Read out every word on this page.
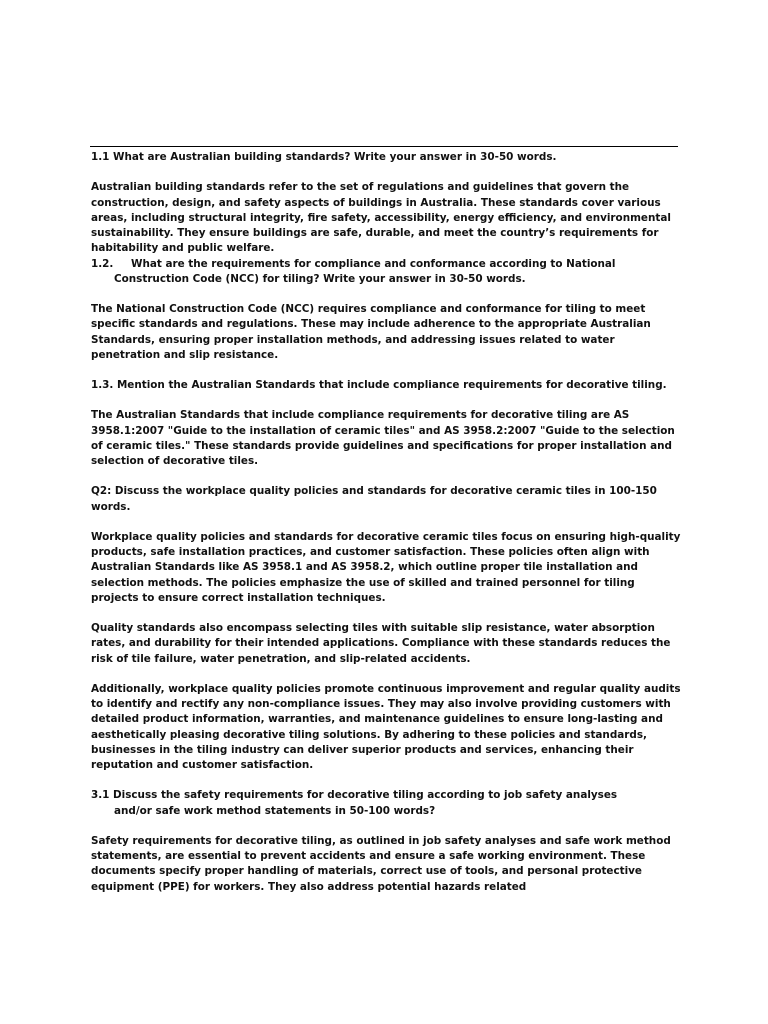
1.1 What are Australian building standards? Write your answer in 30-50 words.

Australian building standards refer to the set of regulations and guidelines that govern the construction, design, and safety aspects of buildings in Australia. These standards cover various areas, including structural integrity, fire safety, accessibility, energy efficiency, and environmental sustainability. They ensure buildings are safe, durable, and meet the country’s requirements for habitability and public welfare.

1.2. What are the requirements for compliance and conformance according to National Construction Code (NCC) for tiling? Write your answer in 30-50 words.

The National Construction Code (NCC) requires compliance and conformance for tiling to meet specific standards and regulations. These may include adherence to the appropriate Australian Standards, ensuring proper installation methods, and addressing issues related to water penetration and slip resistance.

1.3. Mention the Australian Standards that include compliance requirements for decorative tiling.

The Australian Standards that include compliance requirements for decorative tiling are AS 3958.1:2007 "Guide to the installation of ceramic tiles" and AS 3958.2:2007 "Guide to the selection of ceramic tiles." These standards provide guidelines and specifications for proper installation and selection of decorative tiles.

Q2: Discuss the workplace quality policies and standards for decorative ceramic tiles in 100-150 words.

Workplace quality policies and standards for decorative ceramic tiles focus on ensuring high-quality products, safe installation practices, and customer satisfaction. These policies often align with Australian Standards like AS 3958.1 and AS 3958.2, which outline proper tile installation and selection methods. The policies emphasize the use of skilled and trained personnel for tiling projects to ensure correct installation techniques.

Quality standards also encompass selecting tiles with suitable slip resistance, water absorption rates, and durability for their intended applications. Compliance with these standards reduces the risk of tile failure, water penetration, and slip-related accidents.

Additionally, workplace quality policies promote continuous improvement and regular quality audits to identify and rectify any non-compliance issues. They may also involve providing customers with detailed product information, warranties, and maintenance guidelines to ensure long-lasting and aesthetically pleasing decorative tiling solutions. By adhering to these policies and standards, businesses in the tiling industry can deliver superior products and services, enhancing their reputation and customer satisfaction.

3.1 Discuss the safety requirements for decorative tiling according to job safety analyses

and/or safe work method statements in 50-100 words?

Safety requirements for decorative tiling, as outlined in job safety analyses and safe work method statements, are essential to prevent accidents and ensure a safe working environment. These documents specify proper handling of materials, correct use of tools, and personal protective equipment (PPE) for workers. They also address potential hazards related
